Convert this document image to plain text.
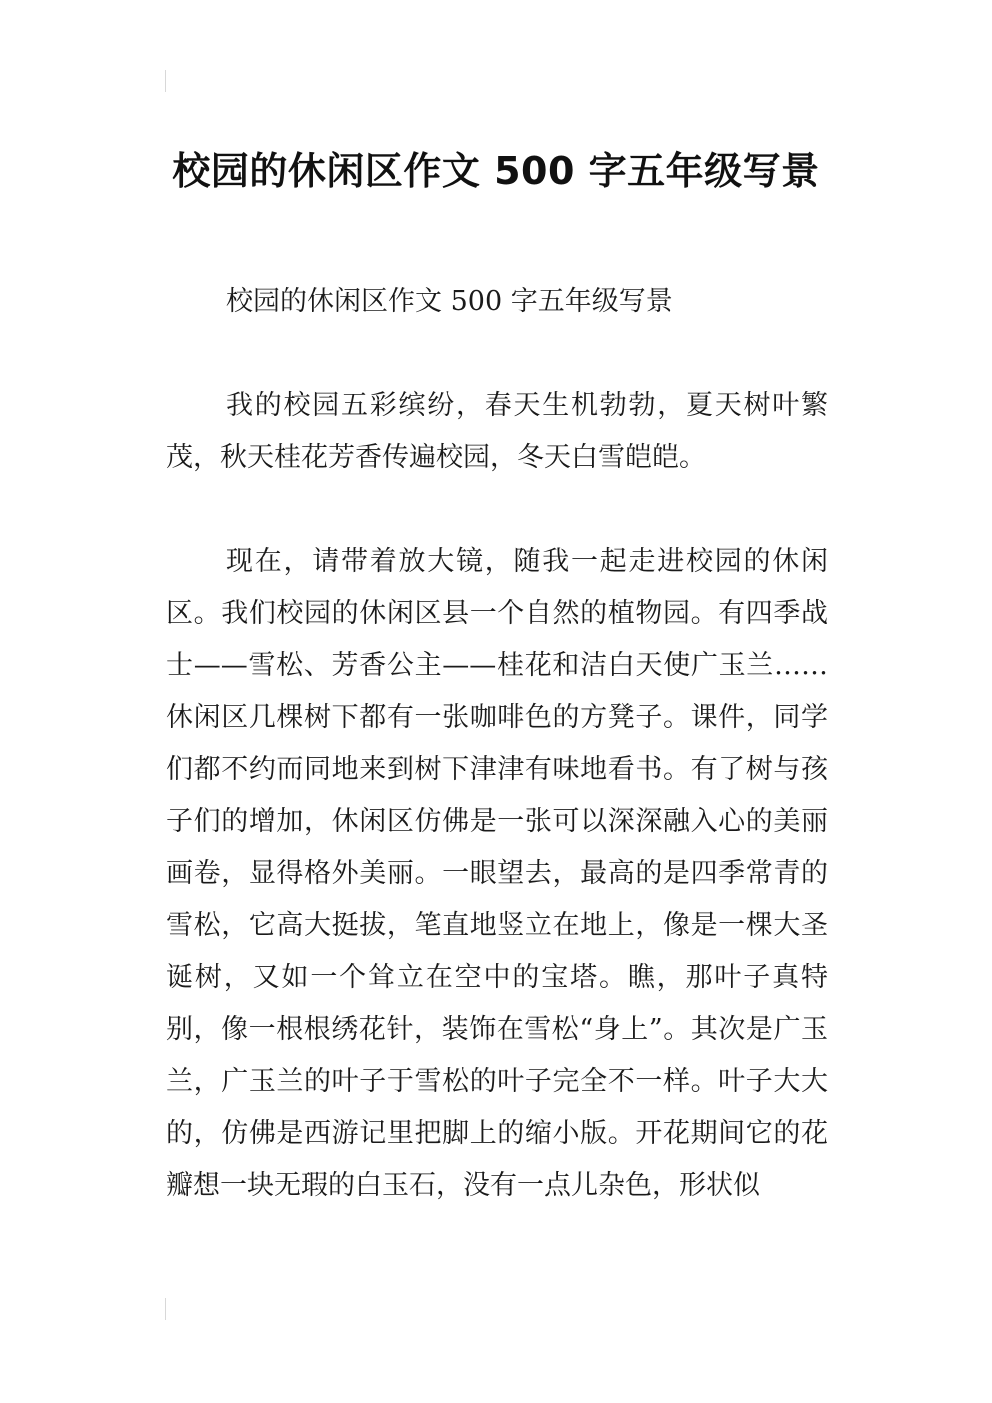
校园的休闲区作文 500 字五年级写景

校园的休闲区作文 500 字五年级写景

我的校园五彩缤纷，春天生机勃勃，夏天树叶繁茂，秋天桂花芳香传遍校园，冬天白雪皑皑。

现在，请带着放大镜，随我一起走进校园的休闲区。我们校园的休闲区县一个自然的植物园。有四季战士——雪松、芳香公主——桂花和洁白天使广玉兰……休闲区几棵树下都有一张咖啡色的方凳子。课件，同学们都不约而同地来到树下津津有味地看书。有了树与孩子们的增加，休闲区仿佛是一张可以深深融入心的美丽画卷，显得格外美丽。一眼望去，最高的是四季常青的雪松，它高大挺拔，笔直地竖立在地上，像是一棵大圣诞树，又如一个耸立在空中的宝塔。瞧，那叶子真特别，像一根根绣花针，装饰在雪松“身上”。其次是广玉兰，广玉兰的叶子于雪松的叶子完全不一样。叶子大大的，仿佛是西游记里把脚上的缩小版。开花期间它的花瓣想一块无瑕的白玉石，没有一点儿杂色，形状似
